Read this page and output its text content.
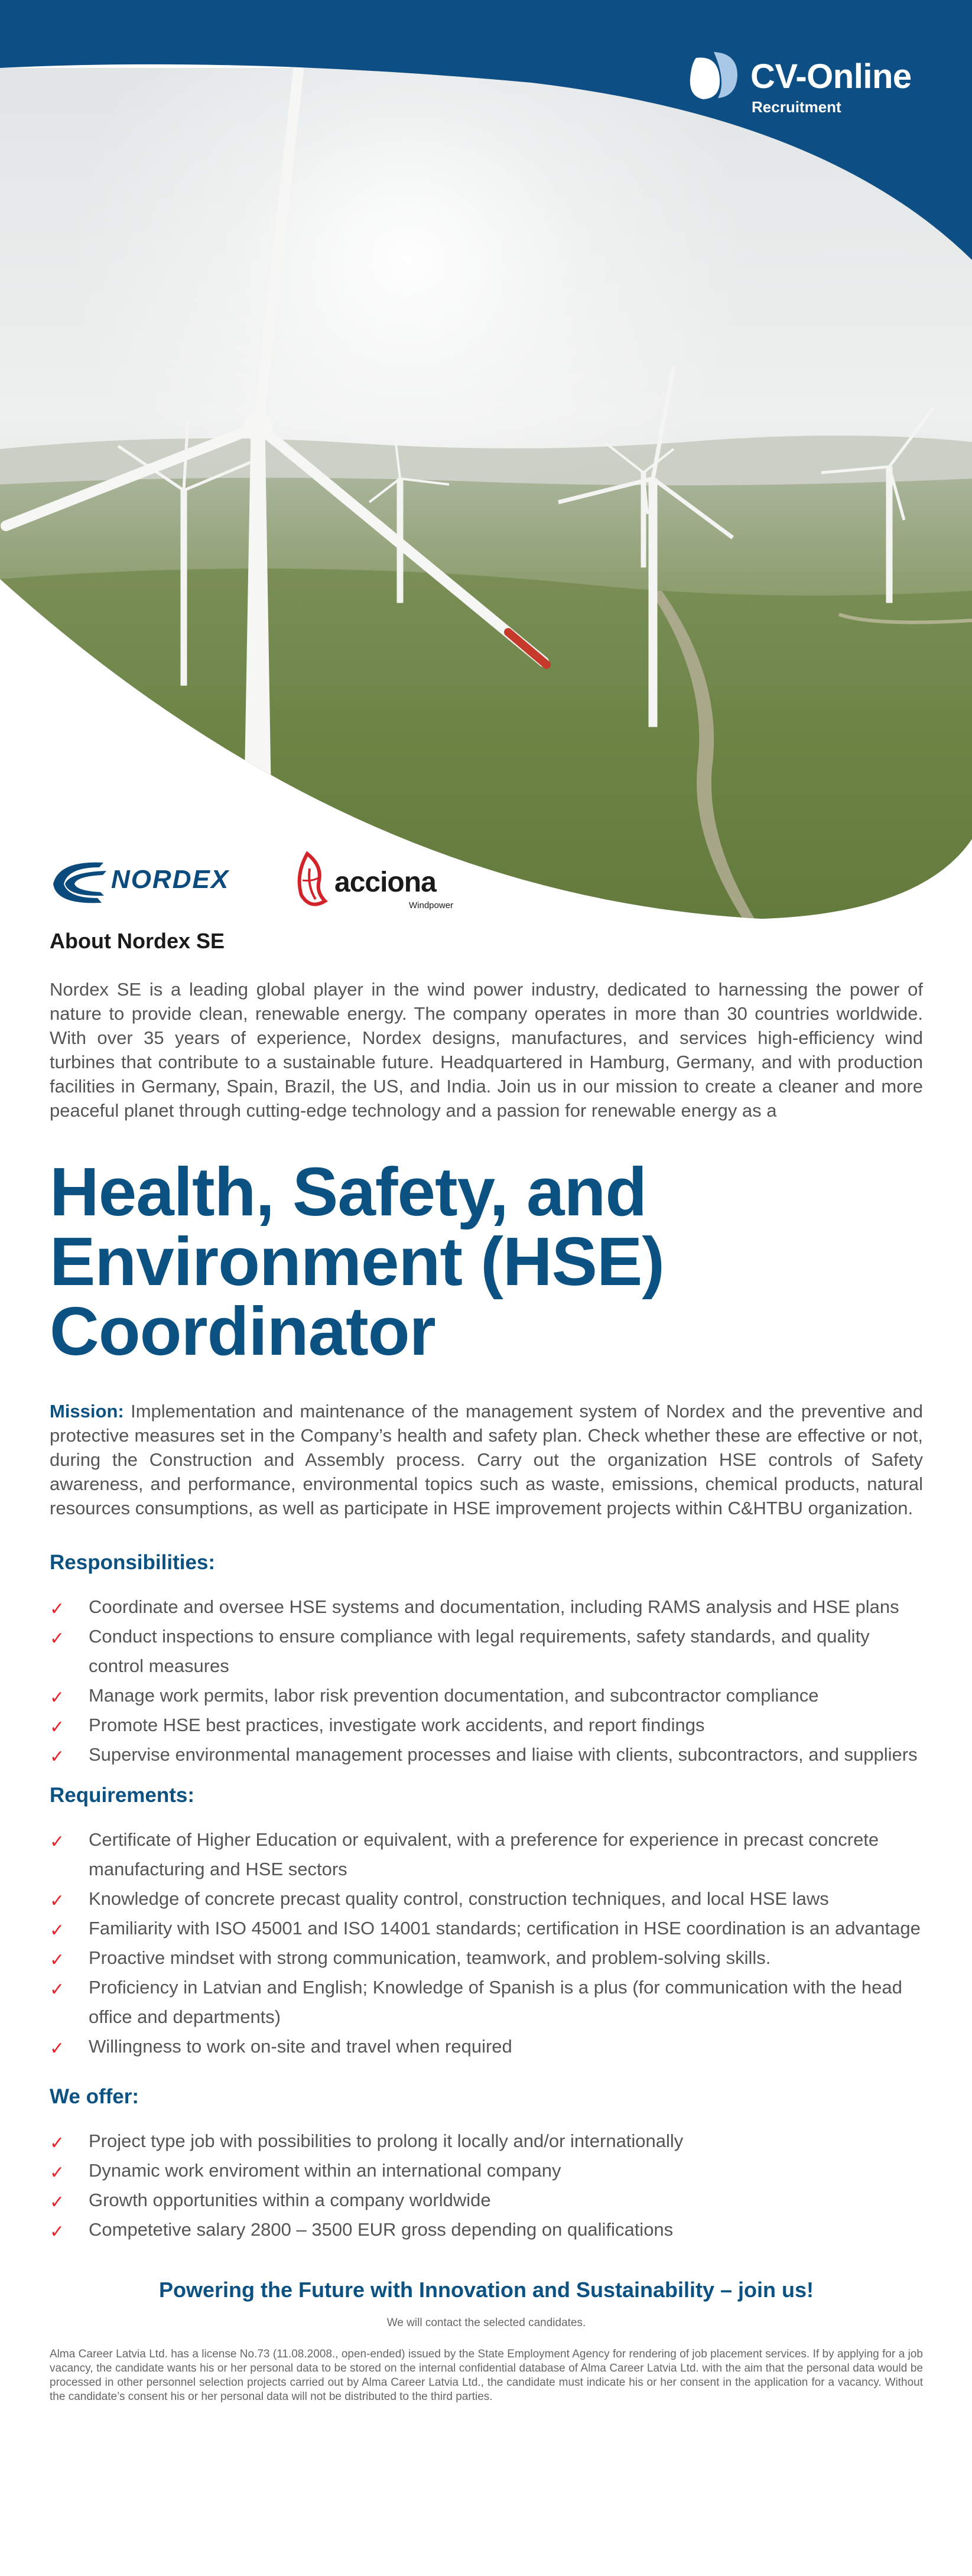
CV-Online
Recruitment
NORDEX	acciona
Windpower
About Nordex SE

Nordex SE is a leading global player in the wind power industry, dedicated to harnessing the power of nature to provide clean, renewable energy. The company operates in more than 30 countries worldwide. With over 35 years of experience, Nordex designs, manufactures, and services high-efficiency wind turbines that contribute to a sustainable future. Headquartered in Hamburg, Germany, and with production facilities in Germany, Spain, Brazil, the US, and India. Join us in our mission to create a cleaner and more peaceful planet through cutting-edge technology and a passion for renewable energy as a

Health, Safety, and
Environment (HSE)
Coordinator

Mission: Implementation and maintenance of the management system of Nordex and the preventive and protective measures set in the Company’s health and safety plan. Check whether these are effective or not, during the Construction and Assembly process. Carry out the organization HSE controls of Safety awareness, and performance, environmental topics such as waste, emissions, chemical products, natural resources consumptions, as well as participate in HSE improvement projects within C&HTBU organization.

Responsibilities:
✓ Coordinate and oversee HSE systems and documentation, including RAMS analysis and HSE plans
✓ Conduct inspections to ensure compliance with legal requirements, safety standards, and quality control measures
✓ Manage work permits, labor risk prevention documentation, and subcontractor compliance
✓ Promote HSE best practices, investigate work accidents, and report findings
✓ Supervise environmental management processes and liaise with clients, subcontractors, and suppliers
Requirements:
✓ Certificate of Higher Education or equivalent, with a preference for experience in precast concrete manufacturing and HSE sectors
✓ Knowledge of concrete precast quality control, construction techniques, and local HSE laws
✓ Familiarity with ISO 45001 and ISO 14001 standards; certification in HSE coordination is an advantage
✓ Proactive mindset with strong communication, teamwork, and problem-solving skills.
✓ Proficiency in Latvian and English; Knowledge of Spanish is a plus (for communication with the head office and departments)
✓ Willingness to work on-site and travel when required
We offer:
✓ Project type job with possibilities to prolong it locally and/or internationally
✓ Dynamic work enviroment within an international company
✓ Growth opportunities within a company worldwide
✓ Competetive salary 2800 – 3500 EUR gross depending on qualifications

Powering the Future with Innovation and Sustainability – join us!

We will contact the selected candidates.

Alma Career Latvia Ltd. has a license No.73 (11.08.2008., open-ended) issued by the State Employment Agency for rendering of job placement services. If by applying for a job vacancy, the candidate wants his or her personal data to be stored on the internal confidential database of Alma Career Latvia Ltd. with the aim that the personal data would be processed in other personnel selection projects carried out by Alma Career Latvia Ltd., the candidate must indicate his or her consent in the application for a vacancy. Without the candidate’s consent his or her personal data will not be distributed to the third parties.
